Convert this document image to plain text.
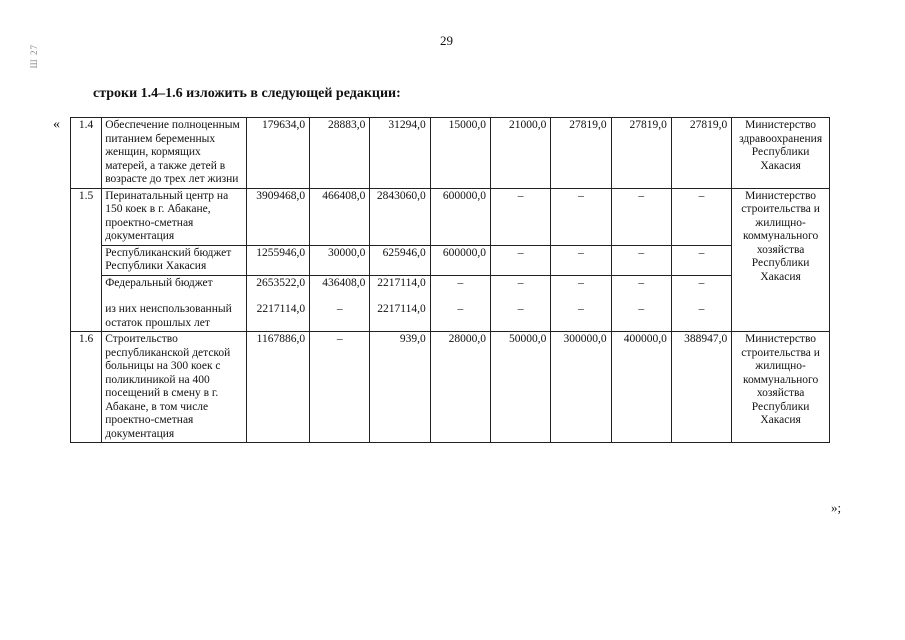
29
Ш 27
строки 1.4–1.6 изложить в следующей редакции:
« 1.4	Обеспечение полноценным питанием беременных женщин, кормящих матерей, а также детей в возрасте до трех лет жизни	179634,0	28883,0	31294,0	15000,0	21000,0	27819,0	27819,0	27819,0	Министерство здравоохранения Республики Хакасия
1.5	Перинатальный центр на 150 коек в г. Абакане, проектно-сметная документация	3909468,0	466408,0	2843060,0	600000,0	–	–	–	–	Министерство строительства и жилищно-коммунального хозяйства Республики Хакасия
	Республиканский бюджет Республики Хакасия	1255946,0	30000,0	625946,0	600000,0	–	–	–	–	
	Федеральный бюджет	2653522,0	436408,0	2217114,0	–	–	–	–	–	
	из них неиспользованный остаток прошлых лет	2217114,0	–	2217114,0	–	–	–	–	–	
1.6	Строительство республиканской детской больницы на 300 коек с поликлиникой на 400 посещений в смену в г. Абакане, в том числе проектно-сметная документация	1167886,0	–	939,0	28000,0	50000,0	300000,0	400000,0	388947,0	Министерство строительства и жилищно-коммунального хозяйства Республики Хакасия
»;
